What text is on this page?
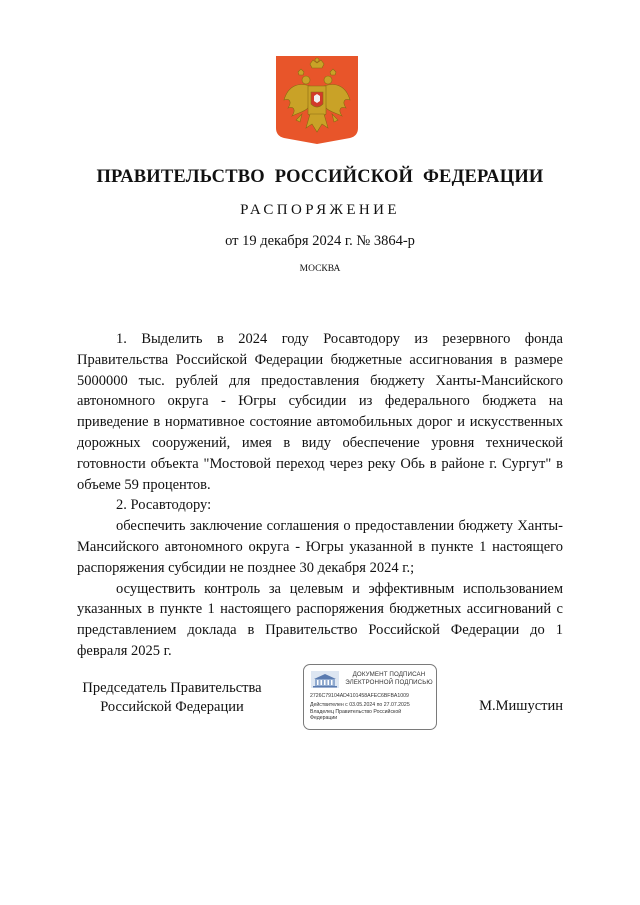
ПРАВИТЕЛЬСТВО РОССИЙСКОЙ ФЕДЕРАЦИИ
РАСПОРЯЖЕНИЕ
от 19 декабря 2024 г. № 3864-р
МОСКВА

1. Выделить в 2024 году Росавтодору из резервного фонда Правительства Российской Федерации бюджетные ассигнования в размере 5000000 тыс. рублей для предоставления бюджету Ханты-Мансийского автономного округа - Югры субсидии из федерального бюджета на приведение в нормативное состояние автомобильных дорог и искусственных дорожных сооружений, имея в виду обеспечение уровня технической готовности объекта "Мостовой переход через реку Обь в районе г. Сургут" в объеме 59 процентов.

2. Росавтодору:

обеспечить заключение соглашения о предоставлении бюджету Ханты-Мансийского автономного округа - Югры указанной в пункте 1 настоящего распоряжения субсидии не позднее 30 декабря 2024 г.;

осуществить контроль за целевым и эффективным использованием указанных в пункте 1 настоящего распоряжения бюджетных ассигнований с представлением доклада в Правительство Российской Федерации до 1 февраля 2025 г.

Председатель Правительства
Российской Федерации	М.Мишустин
ДОКУМЕНТ ПОДПИСАН
ЭЛЕКТРОННОЙ ПОДПИСЬЮ
2726C79104AD4101458AFEC6BFBA1009
Действителен с 03.05.2024 по 27.07.2025
Владелец Правительство Российской
Федерации
